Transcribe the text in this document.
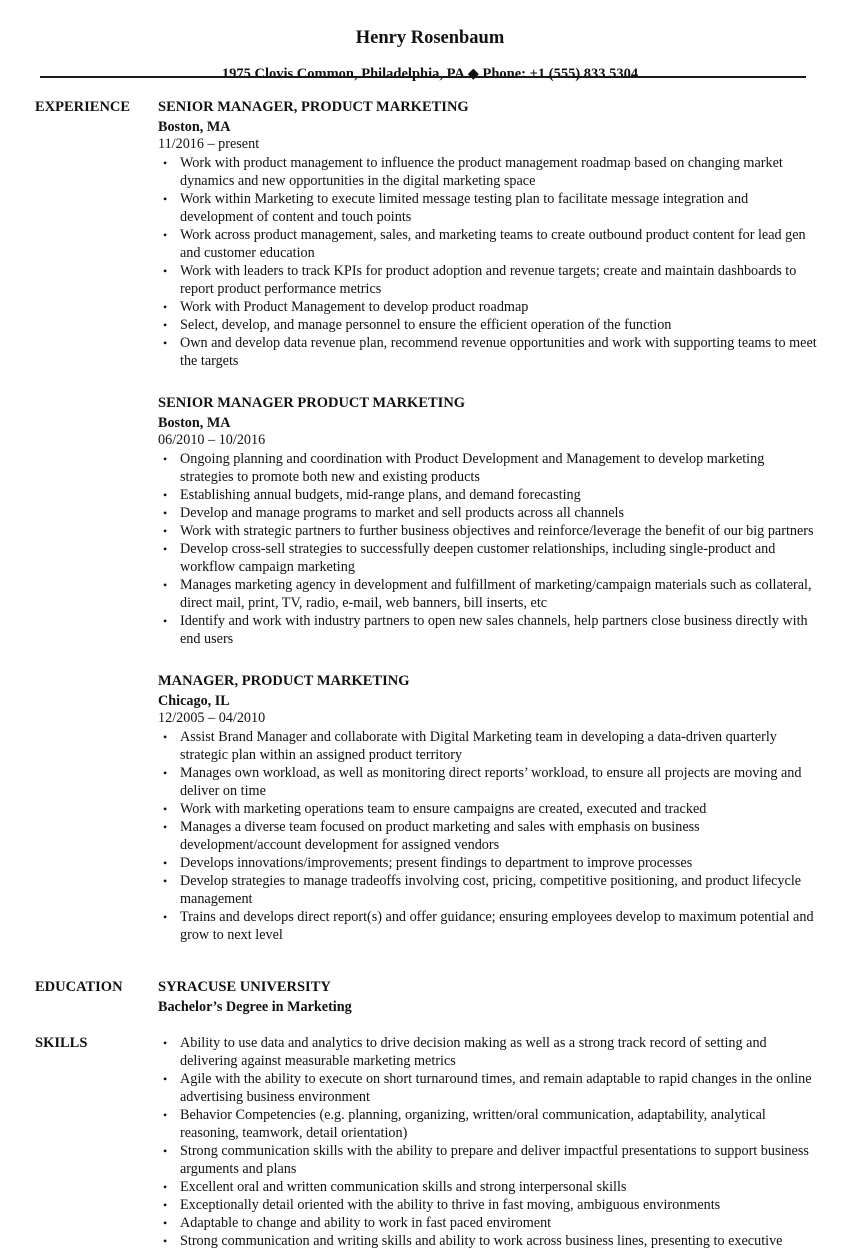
Henry Rosenbaum
1975 Clovis Common, Philadelphia, PA ◆ Phone: +1 (555) 833 5304
EXPERIENCE SENIOR MANAGER, PRODUCT MARKETING
Boston, MA
11/2016 – present
• Work with product management to influence the product management roadmap based on changing market dynamics and new opportunities in the digital marketing space
• Work within Marketing to execute limited message testing plan to facilitate message integration and development of content and touch points
• Work across product management, sales, and marketing teams to create outbound product content for lead gen and customer education
• Work with leaders to track KPIs for product adoption and revenue targets; create and maintain dashboards to report product performance metrics
• Work with Product Management to develop product roadmap
• Select, develop, and manage personnel to ensure the efficient operation of the function
• Own and develop data revenue plan, recommend revenue opportunities and work with supporting teams to meet the targets
SENIOR MANAGER PRODUCT MARKETING
Boston, MA
06/2010 – 10/2016
• Ongoing planning and coordination with Product Development and Management to develop marketing strategies to promote both new and existing products
• Establishing annual budgets, mid-range plans, and demand forecasting
• Develop and manage programs to market and sell products across all channels
• Work with strategic partners to further business objectives and reinforce/leverage the benefit of our big partners
• Develop cross-sell strategies to successfully deepen customer relationships, including single-product and workflow campaign marketing
• Manages marketing agency in development and fulfillment of marketing/campaign materials such as collateral, direct mail, print, TV, radio, e-mail, web banners, bill inserts, etc
• Identify and work with industry partners to open new sales channels, help partners close business directly with end users
MANAGER, PRODUCT MARKETING
Chicago, IL
12/2005 – 04/2010
• Assist Brand Manager and collaborate with Digital Marketing team in developing a data-driven quarterly strategic plan within an assigned product territory
• Manages own workload, as well as monitoring direct reports’ workload, to ensure all projects are moving and deliver on time
• Work with marketing operations team to ensure campaigns are created, executed and tracked
• Manages a diverse team focused on product marketing and sales with emphasis on business development/account development for assigned vendors
• Develops innovations/improvements; present findings to department to improve processes
• Develop strategies to manage tradeoffs involving cost, pricing, competitive positioning, and product lifecycle management
• Trains and develops direct report(s) and offer guidance; ensuring employees develop to maximum potential and grow to next level
EDUCATION SYRACUSE UNIVERSITY
Bachelor’s Degree in Marketing
SKILLS	• Ability to use data and analytics to drive decision making as well as a strong track record of setting and delivering against measurable marketing metrics
• Agile with the ability to execute on short turnaround times, and remain adaptable to rapid changes in the online advertising business environment
• Behavior Competencies (e.g. planning, organizing, written/oral communication, adaptability, analytical reasoning, teamwork, detail orientation)
• Strong communication skills with the ability to prepare and deliver impactful presentations to support business arguments and plans
• Excellent oral and written communication skills and strong interpersonal skills
• Exceptionally detail oriented with the ability to thrive in fast moving, ambiguous environments
• Adaptable to change and ability to work in fast paced enviroment
• Strong communication and writing skills and ability to work across business lines, presenting to executive
